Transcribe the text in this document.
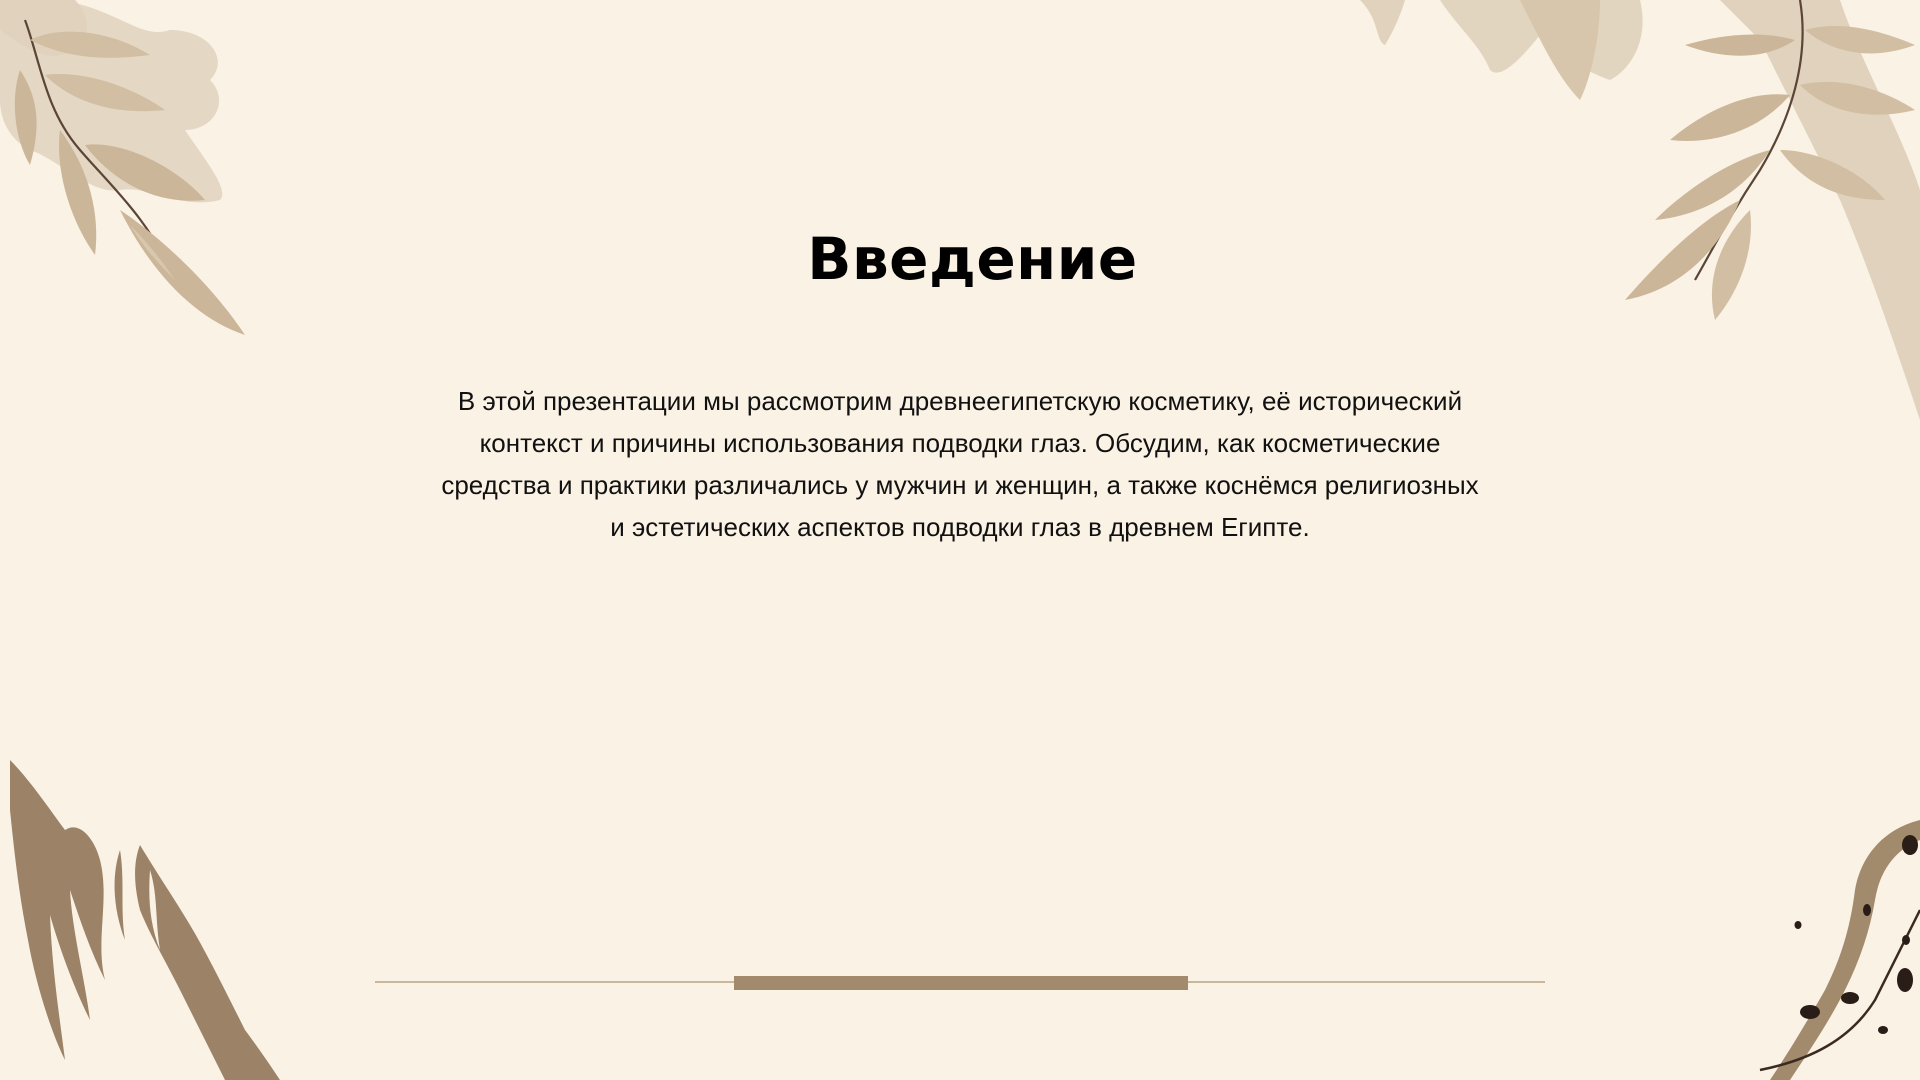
Введение

В этой презентации мы рассмотрим древнеегипетскую косметику, её исторический контекст и причины использования подводки глаз. Обсудим, как косметические средства и практики различались у мужчин и женщин, а также коснёмся религиозных и эстетических аспектов подводки глаз в древнем Египте.
